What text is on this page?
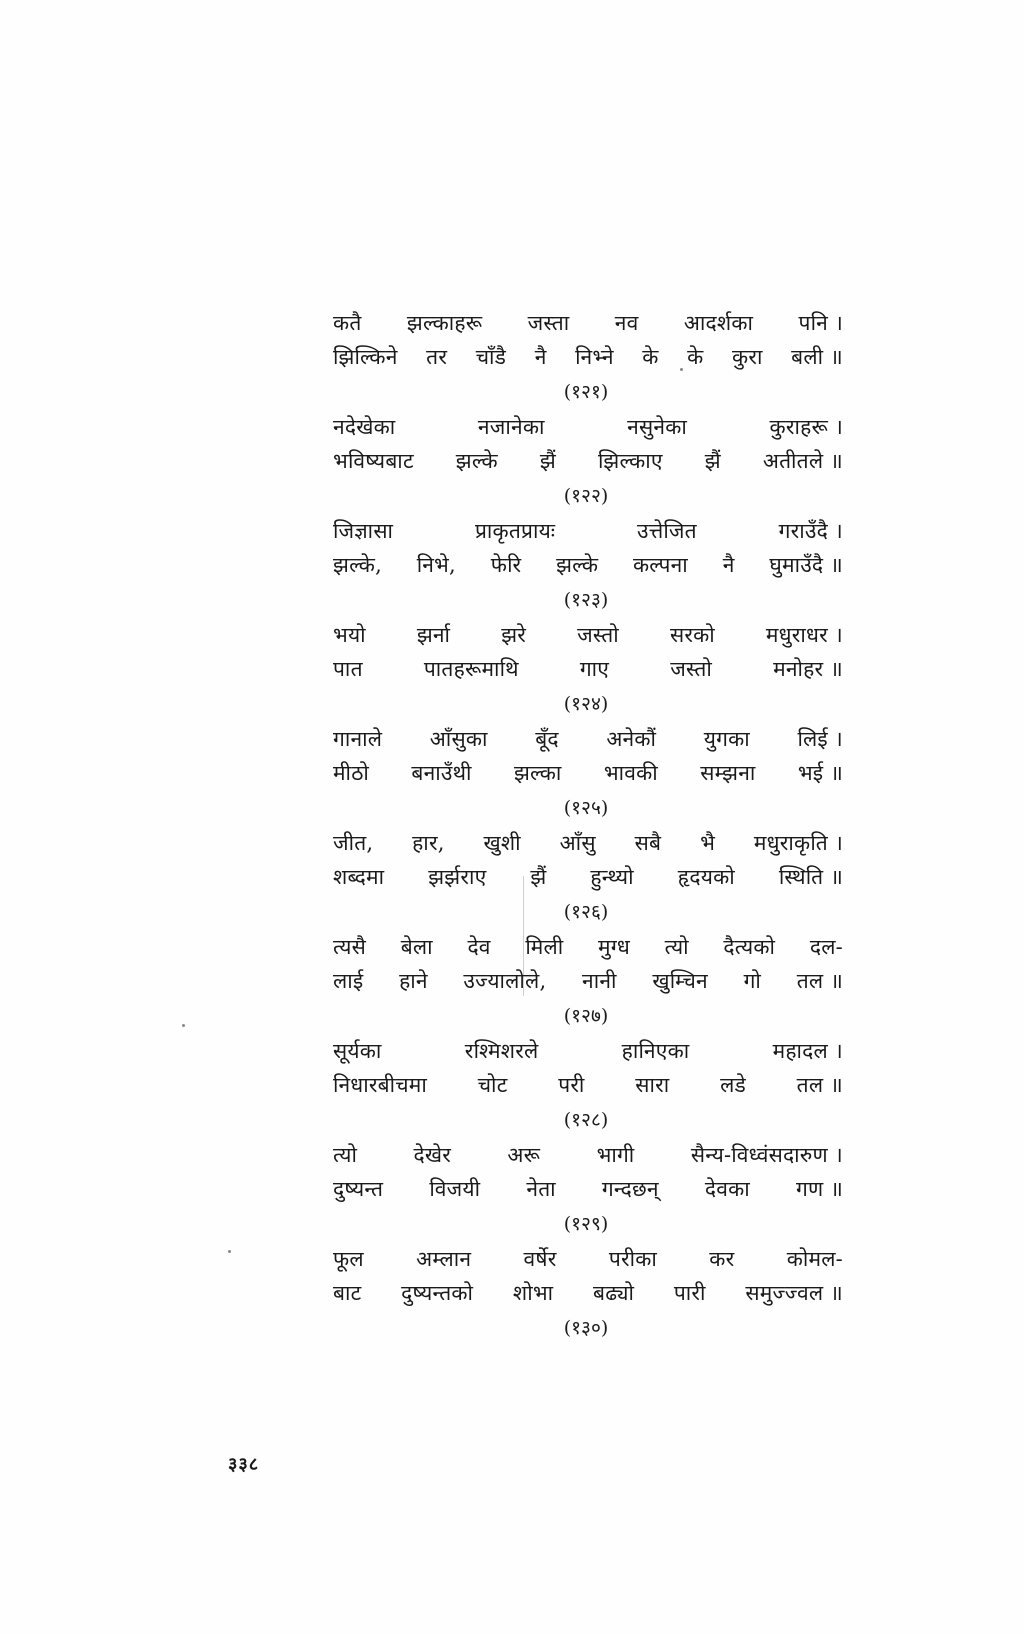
कतै झल्काहरू जस्ता नव आदर्शका पनि ।
झिल्किने तर चाँडै नै निभ्ने के के कुरा बली ॥
(१२१)
नदेखेका	नजानेका	नसुनेका	कुराहरू ।
भविष्यबाट झल्के झैं झिल्काए झैं अतीतले ॥
(१२२)
जिज्ञासा	प्राकृतप्रायः	उत्तेजित	गराउँदै ।
झल्के, निभे, फेरि झल्के कल्पना नै घुमाउँदै ॥
(१२३)
भयो झर्ना झरे जस्तो सरको मधुराधर ।
पात	पातहरूमाथि	गाए	जस्तो	मनोहर ॥
(१२४)
गानाले आँसुका बूँद अनेकौं युगका लिई ।
मीठो बनाउँथी झल्का भावकी सम्झना भई ॥
(१२५)
जीत, हार, खुशी आँसु सबै भै मधुराकृति ।
शब्दमा झर्झराए झैं हुन्थ्यो हृदयको स्थिति ॥
(१२६)
त्यसै बेला देव मिली मुग्ध त्यो दैत्यको दल-
लाई हाने उज्यालोले, नानी खुम्चिन गो तल ॥
(१२७)
सूर्यका	रश्मिशरले	हानिएका	महादल ।
निधारबीचमा चोट परी सारा लडे तल ॥
(१२८)
त्यो	देखेर	अरू	भागी	सैन्य-विध्वंसदारुण ।
दुष्यन्त विजयी नेता गन्दछन् देवका गण ॥
(१२९)
फूल अम्लान वर्षेर परीका कर कोमल-
बाट दुष्यन्तको शोभा बढ्यो पारी समुज्ज्वल ॥
(१३०)
३३८
